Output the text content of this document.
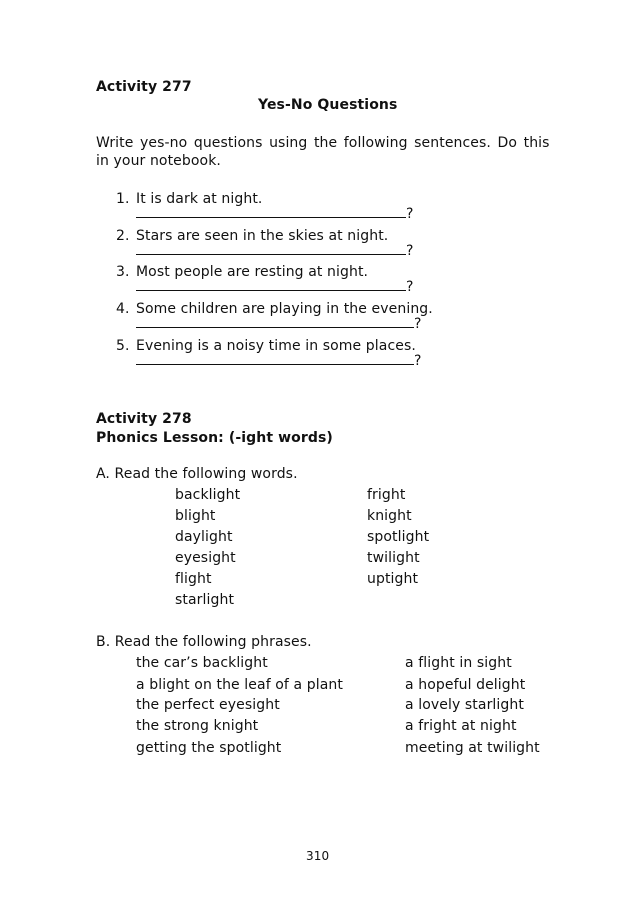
Activity 277
Yes-No Questions
Write yes-no questions using the following sentences. Do this
in your notebook.
1. It is dark at night.
?
2. Stars are seen in the skies at night.
?
3. Most people are resting at night.
?
4. Some children are playing in the evening.
?
5. Evening is a noisy time in some places.
?
Activity 278
Phonics Lesson: (-ight words)
A. Read the following words.
backlight
blight
daylight
eyesight
flight
starlight
fright
knight
spotlight
twilight
uptight
B. Read the following phrases.
the car’s backlight
a blight on the leaf of a plant
the perfect eyesight
the strong knight
getting the spotlight
a flight in sight
a hopeful delight
a lovely starlight
a fright at night
meeting at twilight
310
